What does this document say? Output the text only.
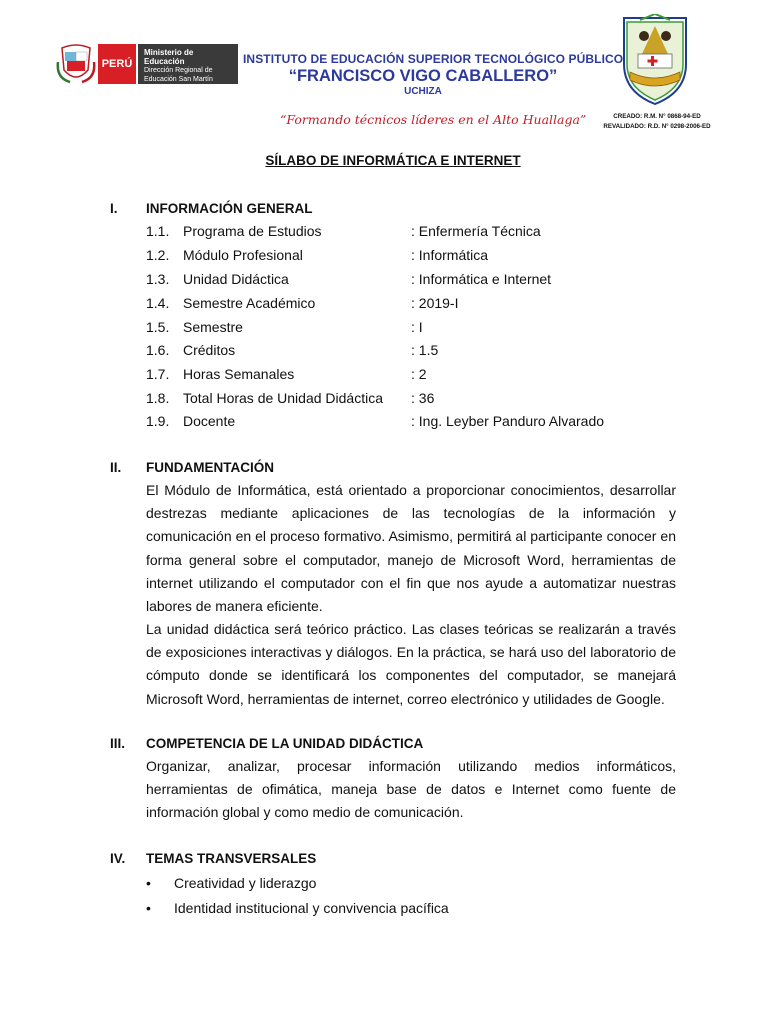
PERÚ
Ministerio de Educación
Dirección Regional de Educación San Martín
INSTITUTO DE EDUCACIÓN SUPERIOR TECNOLÓGICO PÚBLICO
“FRANCISCO VIGO CABALLERO”
UCHIZA
“Formando técnicos líderes en el Alto Huallaga”	CREADO: R.M. N° 0868-94-ED
REVALIDADO: R.D. N° 0298-2006-ED
SÍLABO DE INFORMÁTICA E INTERNET
I. INFORMACIÓN GENERAL
1.1. Programa de Estudios	: Enfermería Técnica
1.2. Módulo Profesional	: Informática
1.3. Unidad Didáctica	: Informática e Internet
1.4. Semestre Académico	: 2019-I
1.5. Semestre	: I
1.6. Créditos	: 1.5
1.7. Horas Semanales	: 2
1.8. Total Horas de Unidad Didáctica : 36
1.9. Docente	: Ing. Leyber Panduro Alvarado
II. FUNDAMENTACIÓN
El Módulo de Informática, está orientado a proporcionar conocimientos, desarrollar destrezas mediante aplicaciones de las tecnologías de la información y comunicación en el proceso formativo. Asimismo, permitirá al participante conocer en forma general sobre el computador, manejo de Microsoft Word, herramientas de internet utilizando el computador con el fin que nos ayude a automatizar nuestras labores de manera eficiente.
La unidad didáctica será teórico práctico. Las clases teóricas se realizarán a través de exposiciones interactivas y diálogos. En la práctica, se hará uso del laboratorio de cómputo donde se identificará los componentes del computador, se manejará Microsoft Word, herramientas de internet, correo electrónico y utilidades de Google.
III. COMPETENCIA DE LA UNIDAD DIDÁCTICA
Organizar, analizar, procesar información utilizando medios informáticos, herramientas de ofimática, maneja base de datos e Internet como fuente de información global y como medio de comunicación.
IV. TEMAS TRANSVERSALES
• Creatividad y liderazgo
• Identidad institucional y convivencia pacífica
